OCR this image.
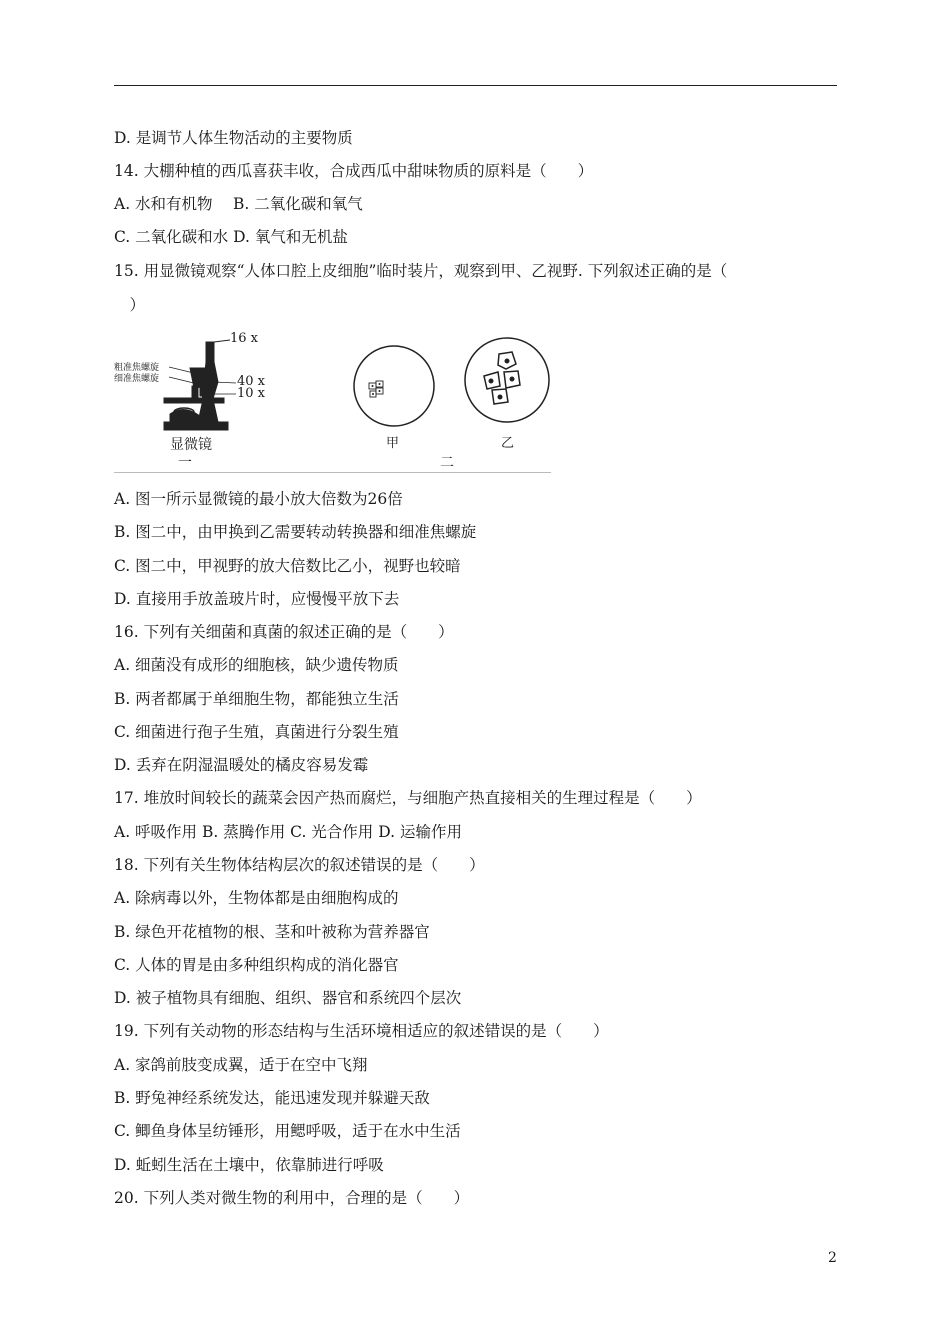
D. 是调节人体生物活动的主要物质
14. 大棚种植的西瓜喜获丰收，合成西瓜中甜味物质的原料是（　　）
A. 水和有机物　 B. 二氧化碳和氧气
C. 二氧化碳和水 D. 氧气和无机盐
15. 用显微镜观察“人体口腔上皮细胞”临时装片，观察到甲、乙视野. 下列叙述正确的是（
　）
16 x
粗准焦螺旋
细准焦螺旋	40 x
10 x
显微镜
一
甲	乙
二
A. 图一所示显微镜的最小放大倍数为26倍
B. 图二中，由甲换到乙需要转动转换器和细准焦螺旋
C. 图二中，甲视野的放大倍数比乙小，视野也较暗
D. 直接用手放盖玻片时，应慢慢平放下去
16. 下列有关细菌和真菌的叙述正确的是（　　）
A. 细菌没有成形的细胞核，缺少遗传物质
B. 两者都属于单细胞生物，都能独立生活
C. 细菌进行孢子生殖，真菌进行分裂生殖
D. 丢弃在阴湿温暖处的橘皮容易发霉
17. 堆放时间较长的蔬菜会因产热而腐烂，与细胞产热直接相关的生理过程是（　　）
A. 呼吸作用 B. 蒸腾作用 C. 光合作用 D. 运输作用
18. 下列有关生物体结构层次的叙述错误的是（　　）
A. 除病毒以外，生物体都是由细胞构成的
B. 绿色开花植物的根、茎和叶被称为营养器官
C. 人体的胃是由多种组织构成的消化器官
D. 被子植物具有细胞、组织、器官和系统四个层次
19. 下列有关动物的形态结构与生活环境相适应的叙述错误的是（　　）
A. 家鸽前肢变成翼，适于在空中飞翔
B. 野兔神经系统发达，能迅速发现并躲避天敌
C. 鲫鱼身体呈纺锤形，用鳃呼吸，适于在水中生活
D. 蚯蚓生活在土壤中，依靠肺进行呼吸
20. 下列人类对微生物的利用中，合理的是（　　）
2
